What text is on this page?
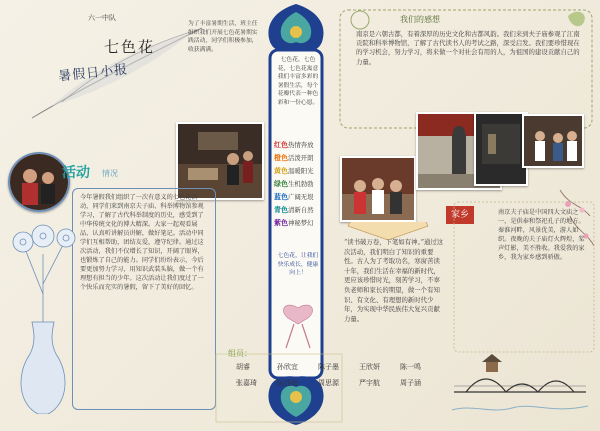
六一中队
七色花
暑假日小报
为了丰富暑期生活，班主任组织我们开展七色花暑期实践活动，同学们积极参加，收获满满。
活动 情况
今年暑假我们组织了一次有意义的七色花活动，同学们来到南京夫子庙、科举博物馆参观学习，了解了古代科举制度的历史，感受到了中华传统文化的博大精深。大家一起观看展品，认真听讲解员讲解，做好笔记。活动中同学们互相帮助，团结友爱，遵守纪律。通过这次活动，我们不仅增长了知识，开阔了眼界，也锻炼了自己的能力。同学们纷纷表示，今后要更加努力学习，用知识武装头脑，做一个有理想有担当的少年。这次活动让我们度过了一个快乐而充实的暑假，留下了美好的回忆。
七色花，七色花，七色花寓意我们丰富多彩的暑假生活，每个花瓣代表一种色彩和一份心愿。
红色热情奔放
橙色活泼开朗
黄色温暖阳光
绿色生机勃勃
蓝色广阔无垠
青色清新自然
紫色神秘梦幻
七色花，让我们快乐成长，健康向上！
我们的感想
南京是六朝古都，有着深厚的历史文化和古都风韵。我们来到夫子庙参观了江南贡院和科举博物馆，了解了古代读书人的考试之路，深受启发。我们要珍惜现在的学习机会，努力学习，将来做一个对社会有用的人，为祖国的建设贡献自己的力量。
“读书破万卷，下笔如有神。”通过这次活动，我们明白了知识的重要性。古人为了考取功名，寒窗苦读十年，我们生活在幸福的新时代，更应该珍惜时光，刻苦学习，不辜负老师和家长的期望，做一个有知识、有文化、有理想的新时代少年，为实现中华民族伟大复兴贡献力量。
家乡	南京夫子庙是中国四大文庙之一，是供奉和祭祀孔子的地方。秦淮河畔，风景优美，游人如织。夜晚的夫子庙灯火辉煌，桨声灯影，美不胜收。我爱我的家乡，我为家乡感到骄傲。
组员：
胡睿	孙欣宜	陈子墨	王欣妍	陈一鸣
张嘉琦	阮佳雨	周思源	严宇航	周子涵
